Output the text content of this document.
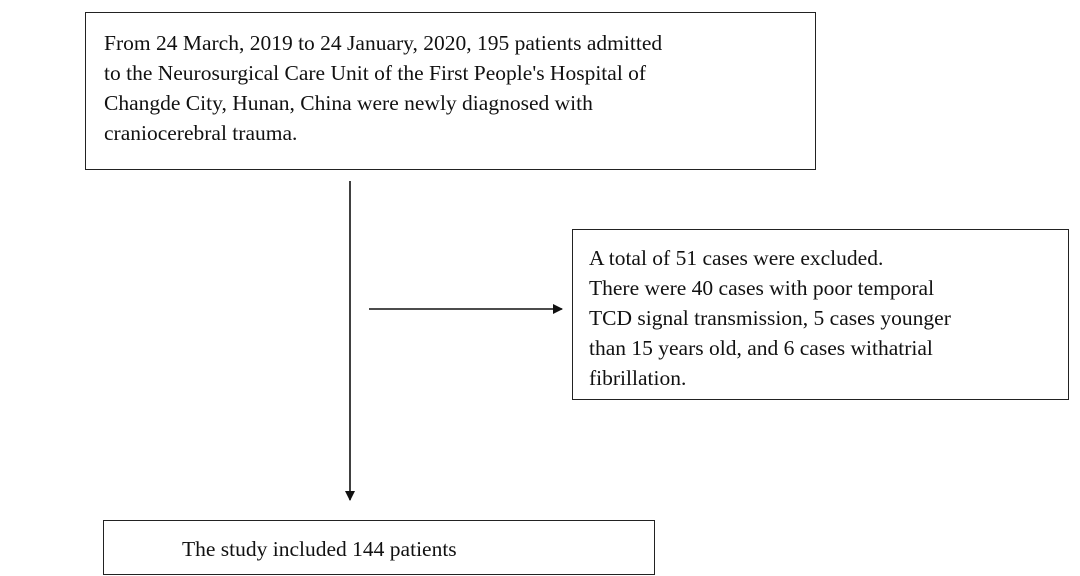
From 24 March, 2019 to 24 January, 2020, 195 patients admitted
to the Neurosurgical Care Unit of the First People's Hospital of
Changde City, Hunan, China were newly diagnosed with
craniocerebral trauma.
A total of 51 cases were excluded.
There were 40 cases with poor temporal
TCD signal transmission, 5 cases younger
than 15 years old, and 6 cases withatrial
fibrillation.
The study included 144 patients
